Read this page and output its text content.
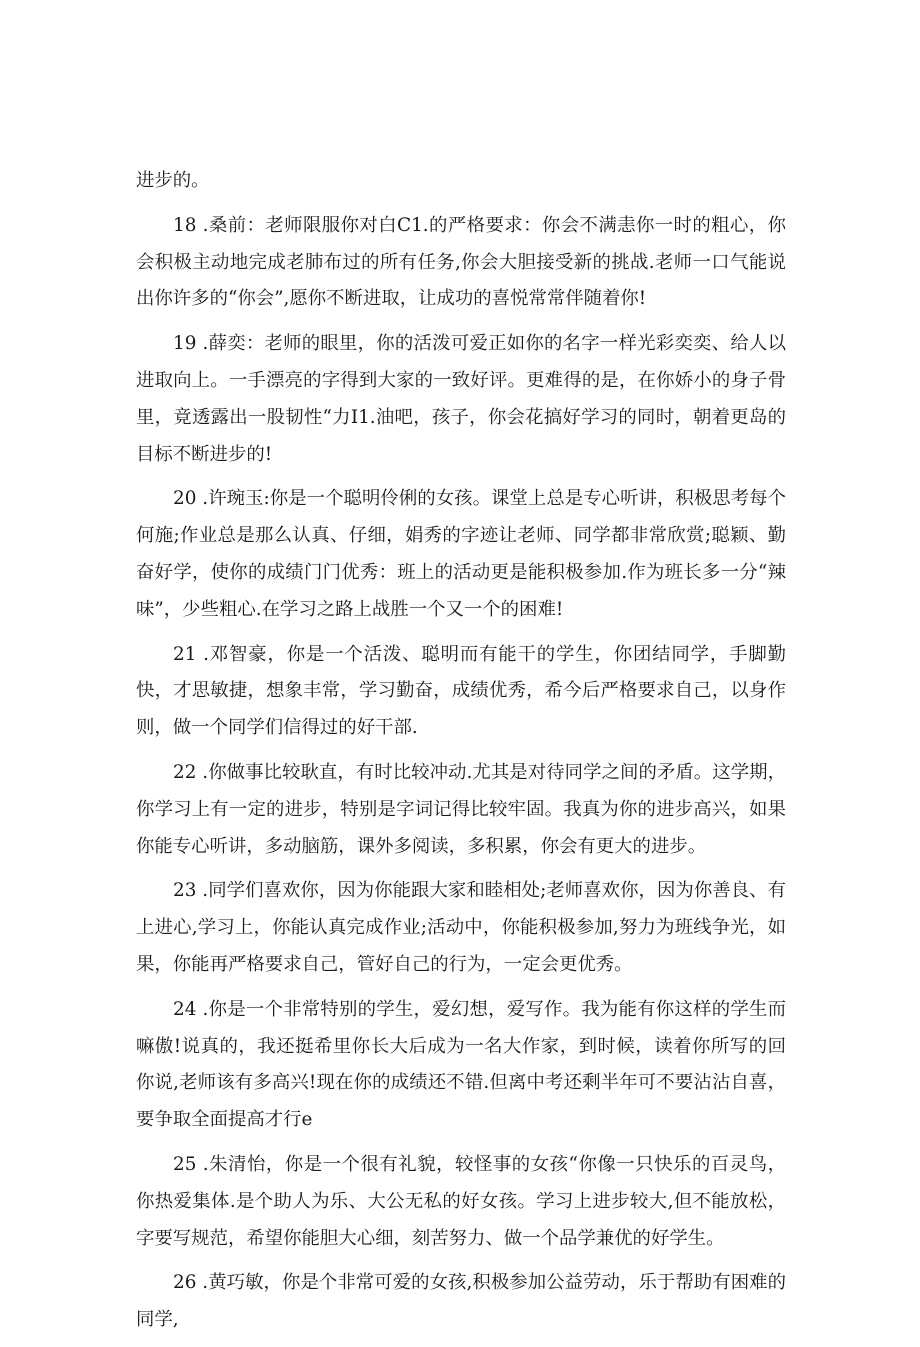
进步的。

18 .桑前：老师限服你对白C1.的严格要求：你会不满恚你一时的粗心，你会积极主动地完成老肺布过的所有任务,你会大胆接受新的挑战.老师一口气能说出你许多的“你会”,愿你不断进取，让成功的喜悦常常伴随着你!

19 .薛奕：老师的眼里，你的活泼可爱正如你的名字一样光彩奕奕、给人以进取向上。一手漂亮的字得到大家的一致好评。更难得的是，在你娇小的身子骨里，竟透露出一股韧性“力I1.油吧，孩子，你会花搞好学习的同时，朝着更岛的目标不断进步的!

20 .许琬玉:你是一个聪明伶俐的女孩。课堂上总是专心听讲，积极思考每个何施;作业总是那么认真、仔细，娟秀的字迹让老师、同学都非常欣赏;聪颖、勤奋好学，使你的成绩门门优秀：班上的活动更是能积极参加.作为班长多一分“辣味”，少些粗心.在学习之路上战胜一个又一个的困难!

21 .邓智豪，你是一个活泼、聪明而有能干的学生，你团结同学，手脚勤快，才思敏捷，想象丰常，学习勤奋，成绩优秀，希今后严格要求自己，以身作则，做一个同学们信得过的好干部.

22 .你做事比较耿直，有时比较冲动.尤其是对待同学之间的矛盾。这学期，你学习上有一定的进步，特别是字词记得比较牢固。我真为你的进步高兴，如果你能专心听讲，多动脑筋，课外多阅读，多积累，你会有更大的进步。

23 .同学们喜欢你，因为你能跟大家和睦相处;老师喜欢你，因为你善良、有上进心,学习上，你能认真完成作业;活动中，你能积极参加,努力为班线争光，如果，你能再严格要求自己，管好自己的行为，一定会更优秀。

24 .你是一个非常特别的学生，爱幻想，爱写作。我为能有你这样的学生而嘛傲!说真的，我还挺希里你长大后成为一名大作家，到时候，读着你所写的回你说,老师该有多高兴!现在你的成绩还不错.但离中考还剩半年可不要沾沾自喜，要争取全面提高才行e

25 .朱清怡，你是一个很有礼貌，较怪事的女孩“你像一只快乐的百灵鸟，你热爱集体.是个助人为乐、大公无私的好女孩。学习上进步较大,但不能放松，字要写规范，希望你能胆大心细，刻苦努力、做一个品学兼优的好学生。

26 .黄巧敏，你是个非常可爱的女孩,积极参加公益劳动，乐于帮助有困难的同学,
